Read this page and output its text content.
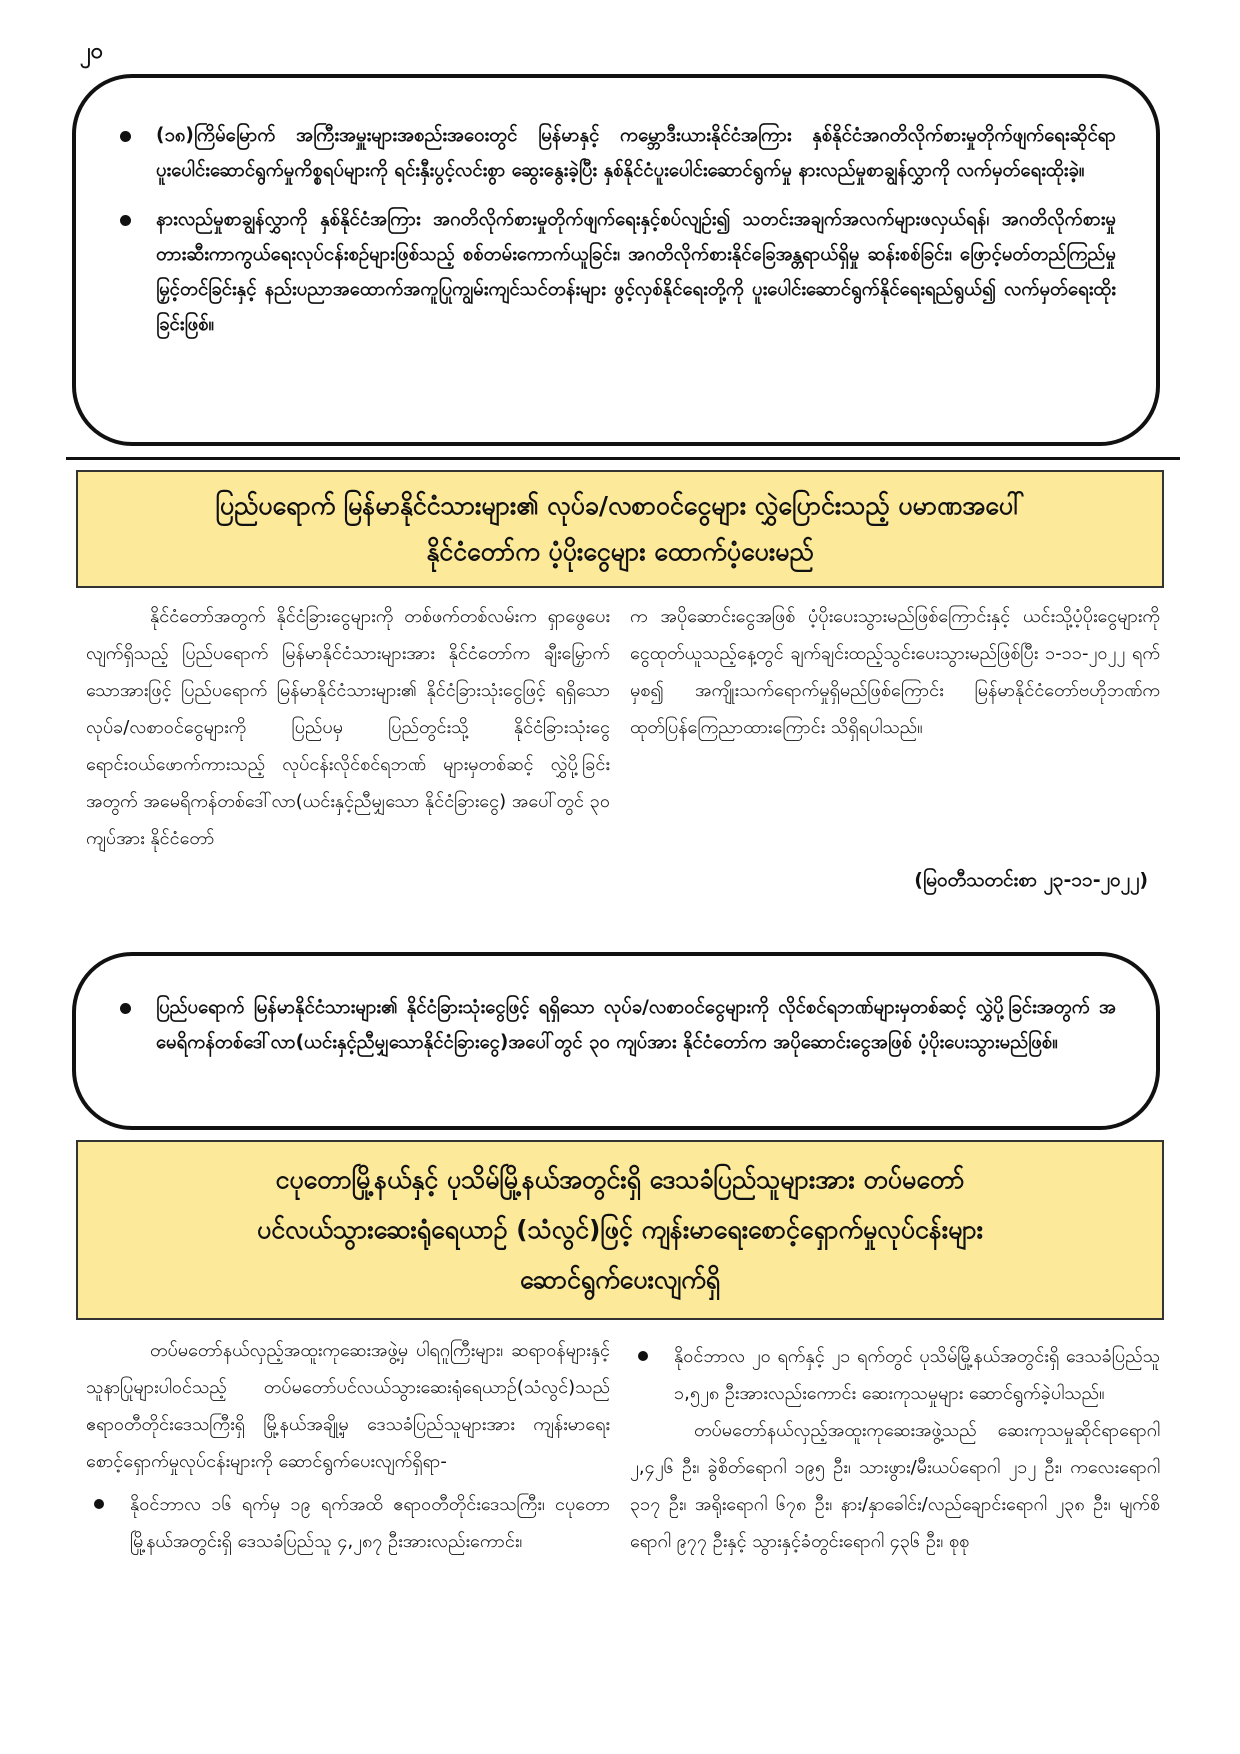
၂၀
(၁၈)ကြိမ်မြောက် အကြီးအမှူးများအစည်းအဝေးတွင် မြန်မာနှင့် ကမ္ဘောဒီးယားနိုင်ငံအကြား နှစ်နိုင်ငံအဂတိလိုက်စားမှုတိုက်ဖျက်ရေးဆိုင်ရာ ပူးပေါင်းဆောင်ရွက်မှုကိစ္စရပ်များကို ရင်းနှီးပွင့်လင်းစွာ ဆွေးနွေးခဲ့ပြီး နှစ်နိုင်ငံပူးပေါင်းဆောင်ရွက်မှု နားလည်မှုစာချွန်လွှာကို လက်မှတ်ရေးထိုးခဲ့။
နားလည်မှုစာချွန်လွှာကို နှစ်နိုင်ငံအကြား အဂတိလိုက်စားမှုတိုက်ဖျက်ရေးနှင့်စပ်လျဉ်း၍ သတင်းအချက်အလက်များဖလှယ်ရန်၊ အဂတိလိုက်စားမှုတားဆီးကာကွယ်ရေးလုပ်ငန်းစဉ်များဖြစ်သည့် စစ်တမ်းကောက်ယူခြင်း၊ အဂတိလိုက်စားနိုင်ခြေအန္တရာယ်ရှိမှု ဆန်းစစ်ခြင်း၊ ဖြောင့်မတ်တည်ကြည်မှုမြှင့်တင်ခြင်းနှင့် နည်းပညာအထောက်အကူပြုကျွမ်းကျင်သင်တန်းများ ဖွင့်လှစ်နိုင်ရေးတို့ကို ပူးပေါင်းဆောင်ရွက်နိုင်ရေးရည်ရွယ်၍ လက်မှတ်ရေးထိုးခြင်းဖြစ်။
ပြည်ပရောက် မြန်မာနိုင်ငံသားများ၏ လုပ်ခ/လစာဝင်ငွေများ လွှဲပြောင်းသည့် ပမာဏအပေါ်
နိုင်ငံတော်က ပံ့ပိုးငွေများ ထောက်ပံ့ပေးမည်

နိုင်ငံတော်အတွက် နိုင်ငံခြားငွေများကို တစ်ဖက်တစ်လမ်းက ရှာဖွေပေးလျက်ရှိသည့် ပြည်ပရောက် မြန်မာနိုင်ငံသားများအား နိုင်ငံတော်က ချီးမြှောက်သောအားဖြင့် ပြည်ပရောက် မြန်မာနိုင်ငံသားများ၏ နိုင်ငံခြားသုံးငွေဖြင့် ရရှိသော လုပ်ခ/လစာဝင်ငွေများကို ပြည်ပမှ ပြည်တွင်းသို့ နိုင်ငံခြားသုံးငွေ ရောင်းဝယ်ဖောက်ကားသည့် လုပ်ငန်းလိုင်စင်ရဘဏ် များမှတစ်ဆင့် လွှဲပို့ခြင်းအတွက် အမေရိကန်တစ်ဒေါ်လာ(ယင်းနှင့်ညီမျှသော နိုင်ငံခြားငွေ) အပေါ်တွင် ၃၀ ကျပ်အား နိုင်ငံတော်

က အပိုဆောင်းငွေအဖြစ် ပံ့ပိုးပေးသွားမည်ဖြစ်ကြောင်းနှင့် ယင်းသို့ပံ့ပိုးငွေများကို ငွေထုတ်ယူသည့်နေ့တွင် ချက်ချင်းထည့်သွင်းပေးသွားမည်ဖြစ်ပြီး ၁-၁၁-၂၀၂၂ ရက်မှစ၍ အကျိုးသက်ရောက်မှုရှိမည်ဖြစ်ကြောင်း မြန်မာနိုင်ငံတော်ဗဟိုဘဏ်က ထုတ်ပြန်ကြေညာထားကြောင်း သိရှိရပါသည်။

(မြဝတီသတင်းစာ ၂၃-၁၁-၂၀၂၂)
ပြည်ပရောက် မြန်မာနိုင်ငံသားများ၏ နိုင်ငံခြားသုံးငွေဖြင့် ရရှိသော လုပ်ခ/လစာဝင်ငွေများကို လိုင်စင်ရဘဏ်များမှတစ်ဆင့် လွှဲပို့ခြင်းအတွက် အမေရိကန်တစ်ဒေါ်လာ(ယင်းနှင့်ညီမျှသောနိုင်ငံခြားငွေ)အပေါ်တွင် ၃၀ ကျပ်အား နိုင်ငံတော်က အပိုဆောင်းငွေအဖြစ် ပံ့ပိုးပေးသွားမည်ဖြစ်။
ငပုတောမြို့နယ်နှင့် ပုသိမ်မြို့နယ်အတွင်းရှိ ဒေသခံပြည်သူများအား တပ်မတော်
ပင်လယ်သွားဆေးရုံရေယာဉ် (သံလွင်)ဖြင့် ကျန်းမာရေးစောင့်ရှောက်မှုလုပ်ငန်းများ
ဆောင်ရွက်ပေးလျက်ရှိ

တပ်မတော်နယ်လှည့်အထူးကုဆေးအဖွဲ့မှ ပါရဂူကြီးများ၊ ဆရာဝန်များနှင့် သူနာပြုများပါဝင်သည့် တပ်မတော်ပင်လယ်သွားဆေးရုံရေယာဉ်(သံလွင်)သည် ဧရာဝတီတိုင်းဒေသကြီးရှိ မြို့နယ်အချို့မှ ဒေသခံပြည်သူများအား ကျန်းမာရေးစောင့်ရှောက်မှုလုပ်ငန်းများကို ဆောင်ရွက်ပေးလျက်ရှိရာ-

နိုဝင်ဘာလ ၁၆ ရက်မှ ၁၉ ရက်အထိ ဧရာဝတီတိုင်းဒေသကြီး၊ ငပုတောမြို့နယ်အတွင်းရှိ ဒေသခံပြည်သူ ၄,၂၈၇ ဦးအားလည်းကောင်း၊

နိုဝင်ဘာလ ၂၀ ရက်နှင့် ၂၁ ရက်တွင် ပုသိမ်မြို့နယ်အတွင်းရှိ ဒေသခံပြည်သူ ၁,၅၂၈ ဦးအားလည်းကောင်း ဆေးကုသမှုများ ဆောင်ရွက်ခဲ့ပါသည်။

တပ်မတော်နယ်လှည့်အထူးကုဆေးအဖွဲ့သည် ဆေးကုသမှုဆိုင်ရာရောဂါ ၂,၄၂၆ ဦး၊ ခွဲစိတ်ရောဂါ ၁၉၅ ဦး၊ သားဖွား/မီးယပ်ရောဂါ ၂၁၂ ဦး၊ ကလေးရောဂါ ၃၁၇ ဦး၊ အရိုးရောဂါ ၆၇၈ ဦး၊ နား/နှာခေါင်း/လည်ချောင်းရောဂါ ၂၃၈ ဦး၊ မျက်စိရောဂါ ၉၇၇ ဦးနှင့် သွားနှင့်ခံတွင်းရောဂါ ၄၃၆ ဦး၊ စုစု
